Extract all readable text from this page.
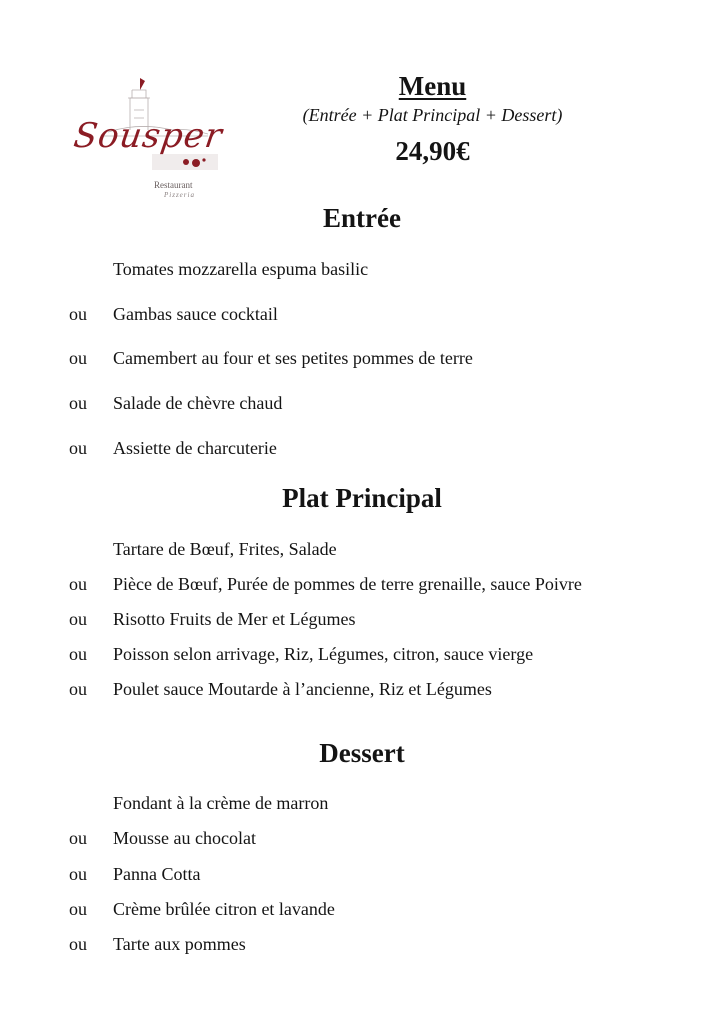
Sousper
Restaurant
Pizzeria
Menu
(Entrée + Plat Principal + Dessert)
24,90€
Entrée
Tomates mozzarella espuma basilic
ou Gambas sauce cocktail
ou Camembert au four et ses petites pommes de terre
ou Salade de chèvre chaud
ou Assiette de charcuterie
Plat Principal
Tartare de Bœuf, Frites, Salade
ou Pièce de Bœuf, Purée de pommes de terre grenaille, sauce Poivre
ou Risotto Fruits de Mer et Légumes
ou Poisson selon arrivage, Riz, Légumes, citron, sauce vierge
ou Poulet sauce Moutarde à l’ancienne, Riz et Légumes
Dessert
Fondant à la crème de marron
ou Mousse au chocolat
ou Panna Cotta
ou Crème brûlée citron et lavande
ou Tarte aux pommes
